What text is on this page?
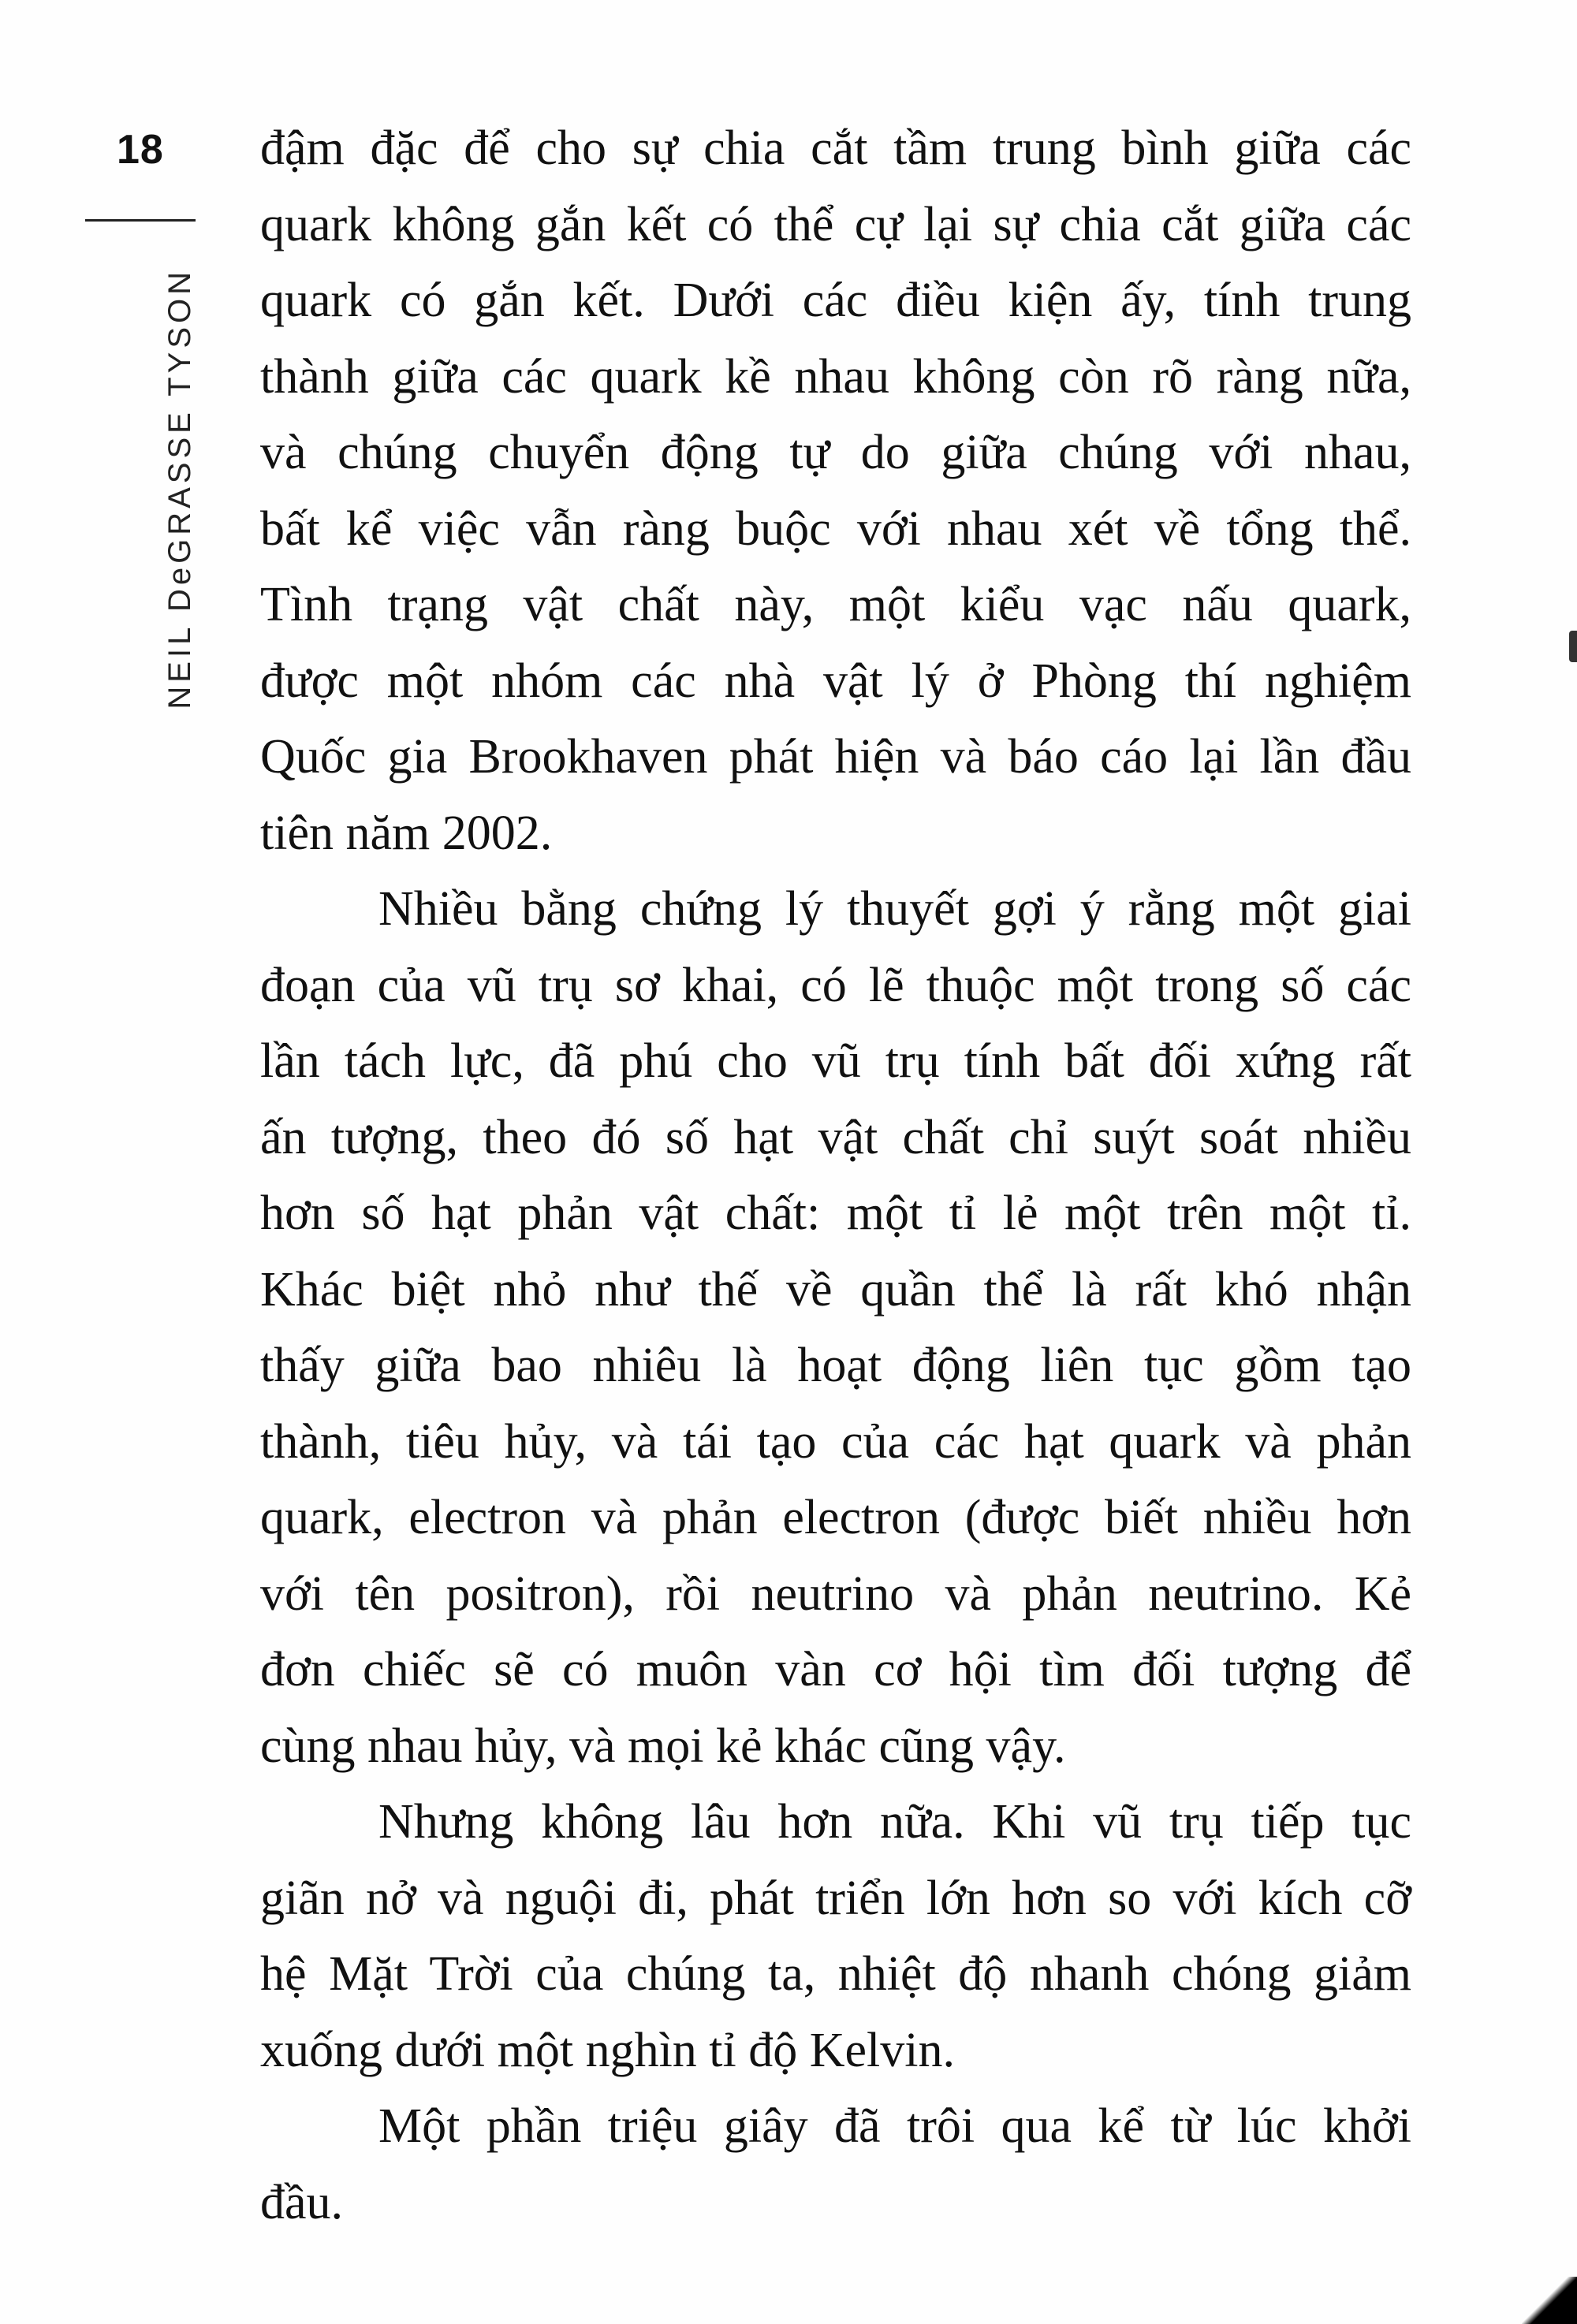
18
NEIL DeGRASSE TYSON
đậm đặc để cho sự chia cắt tầm trung bình giữa các
quark không gắn kết có thể cự lại sự chia cắt giữa các
quark có gắn kết. Dưới các điều kiện ấy, tính trung
thành giữa các quark kề nhau không còn rõ ràng nữa,
và chúng chuyển động tự do giữa chúng với nhau,
bất kể việc vẫn ràng buộc với nhau xét về tổng thể.
Tình trạng vật chất này, một kiểu vạc nấu quark,
được một nhóm các nhà vật lý ở Phòng thí nghiệm
Quốc gia Brookhaven phát hiện và báo cáo lại lần đầu
tiên năm 2002.
Nhiều bằng chứng lý thuyết gợi ý rằng một giai
đoạn của vũ trụ sơ khai, có lẽ thuộc một trong số các
lần tách lực, đã phú cho vũ trụ tính bất đối xứng rất
ấn tượng, theo đó số hạt vật chất chỉ suýt soát nhiều
hơn số hạt phản vật chất: một tỉ lẻ một trên một tỉ.
Khác biệt nhỏ như thế về quần thể là rất khó nhận
thấy giữa bao nhiêu là hoạt động liên tục gồm tạo
thành, tiêu hủy, và tái tạo của các hạt quark và phản
quark, electron và phản electron (được biết nhiều hơn
với tên positron), rồi neutrino và phản neutrino. Kẻ
đơn chiếc sẽ có muôn vàn cơ hội tìm đối tượng để
cùng nhau hủy, và mọi kẻ khác cũng vậy.
Nhưng không lâu hơn nữa. Khi vũ trụ tiếp tục
giãn nở và nguội đi, phát triển lớn hơn so với kích cỡ
hệ Mặt Trời của chúng ta, nhiệt độ nhanh chóng giảm
xuống dưới một nghìn tỉ độ Kelvin.
Một phần triệu giây đã trôi qua kể từ lúc khởi
đầu.
